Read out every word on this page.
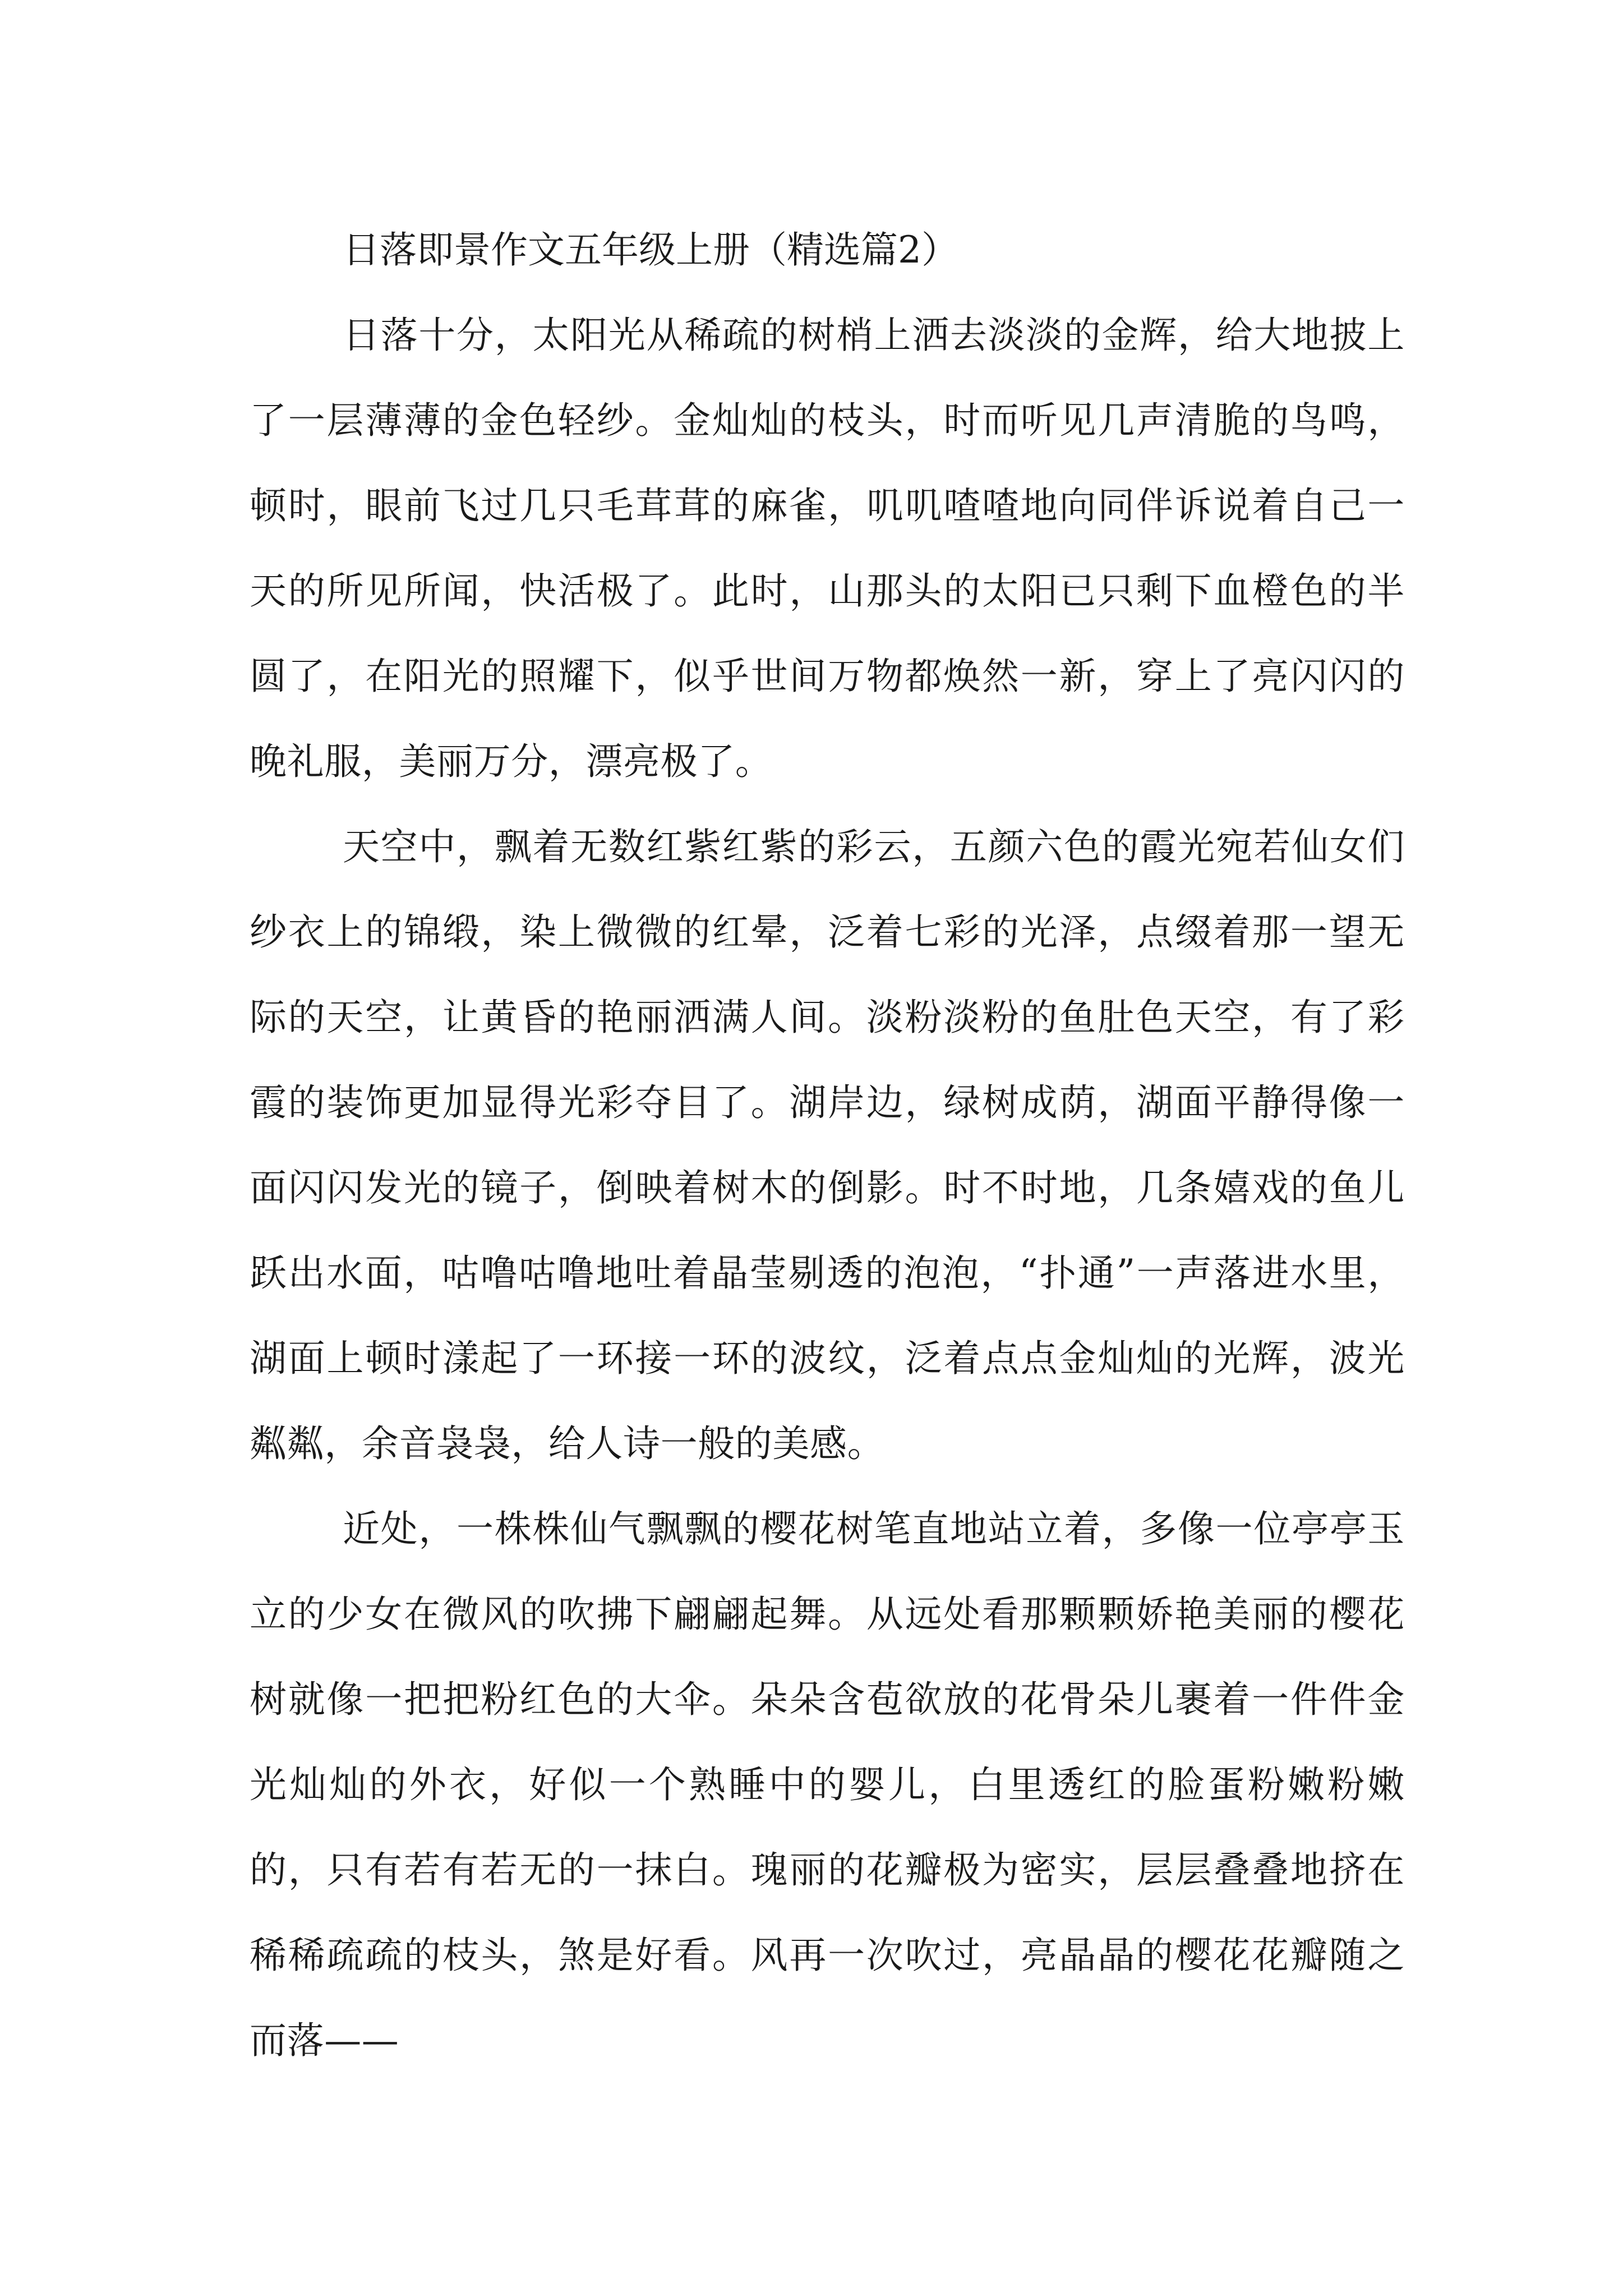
日落即景作文五年级上册（精选篇2）

日落十分，太阳光从稀疏的树梢上洒去淡淡的金辉，给大地披上了一层薄薄的金色轻纱。金灿灿的枝头，时而听见几声清脆的鸟鸣，顿时，眼前飞过几只毛茸茸的麻雀，叽叽喳喳地向同伴诉说着自己一天的所见所闻，快活极了。此时，山那头的太阳已只剩下血橙色的半圆了，在阳光的照耀下，似乎世间万物都焕然一新，穿上了亮闪闪的晚礼服，美丽万分，漂亮极了。

天空中，飘着无数红紫红紫的彩云，五颜六色的霞光宛若仙女们纱衣上的锦缎，染上微微的红晕，泛着七彩的光泽，点缀着那一望无际的天空，让黄昏的艳丽洒满人间。淡粉淡粉的鱼肚色天空，有了彩霞的装饰更加显得光彩夺目了。湖岸边，绿树成荫，湖面平静得像一面闪闪发光的镜子，倒映着树木的倒影。时不时地，几条嬉戏的鱼儿跃出水面，咕噜咕噜地吐着晶莹剔透的泡泡，“扑通”一声落进水里，湖面上顿时漾起了一环接一环的波纹，泛着点点金灿灿的光辉，波光粼粼，余音袅袅，给人诗一般的美感。

近处，一株株仙气飘飘的樱花树笔直地站立着，多像一位亭亭玉立的少女在微风的吹拂下翩翩起舞。从远处看那颗颗娇艳美丽的樱花树就像一把把粉红色的大伞。朵朵含苞欲放的花骨朵儿裹着一件件金光灿灿的外衣，好似一个熟睡中的婴儿，白里透红的脸蛋粉嫩粉嫩的，只有若有若无的一抹白。瑰丽的花瓣极为密实，层层叠叠地挤在稀稀疏疏的枝头，煞是好看。风再一次吹过，亮晶晶的樱花花瓣随之而落——
